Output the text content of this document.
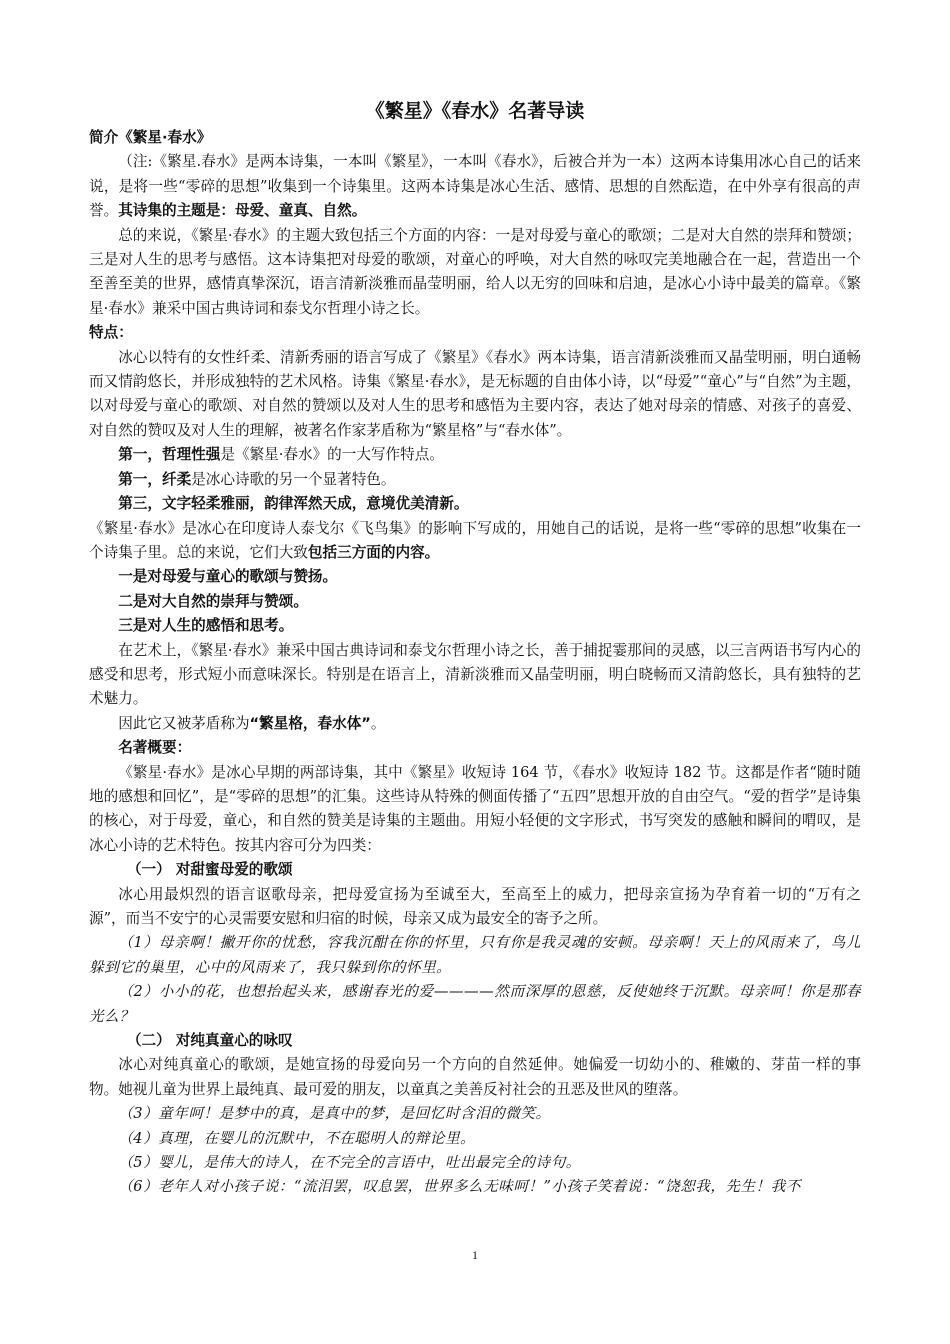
《繁星》《春水》名著导读

简介《繁星·春水》

（注:《繁星.春水》是两本诗集，一本叫《繁星》，一本叫《春水》，后被合并为一本）这两本诗集用冰心自己的话来说，是将一些“零碎的思想”收集到一个诗集里。这两本诗集是冰心生活、感情、思想的自然酝造，在中外享有很高的声誉。其诗集的主题是：母爱、童真、自然。

总的来说，《繁星·春水》的主题大致包括三个方面的内容：一是对母爱与童心的歌颂；二是对大自然的崇拜和赞颂；三是对人生的思考与感悟。这本诗集把对母爱的歌颂，对童心的呼唤，对大自然的咏叹完美地融合在一起，营造出一个至善至美的世界，感情真挚深沉，语言清新淡雅而晶莹明丽，给人以无穷的回味和启迪，是冰心小诗中最美的篇章。《繁星·春水》兼采中国古典诗词和泰戈尔哲理小诗之长。

特点：

冰心以特有的女性纤柔、清新秀丽的语言写成了《繁星》《春水》两本诗集，语言清新淡雅而又晶莹明丽，明白通畅而又情韵悠长，并形成独特的艺术风格。诗集《繁星·春水》，是无标题的自由体小诗，以“母爱”“童心”与“自然”为主题，以对母爱与童心的歌颂、对自然的赞颂以及对人生的思考和感悟为主要内容，表达了她对母亲的情感、对孩子的喜爱、对自然的赞叹及对人生的理解，被著名作家茅盾称为“繁星格”与“春水体”。

第一，哲理性强是《繁星·春水》的一大写作特点。

第一，纤柔是冰心诗歌的另一个显著特色。

第三，文字轻柔雅丽，韵律浑然天成，意境优美清新。

《繁星·春水》是冰心在印度诗人泰戈尔《飞鸟集》的影响下写成的，用她自己的话说，是将一些“零碎的思想”收集在一个诗集子里。总的来说，它们大致包括三方面的内容。

一是对母爱与童心的歌颂与赞扬。

二是对大自然的崇拜与赞颂。

三是对人生的感悟和思考。

在艺术上，《繁星·春水》兼采中国古典诗词和泰戈尔哲理小诗之长，善于捕捉霎那间的灵感，以三言两语书写内心的感受和思考，形式短小而意味深长。特别是在语言上，清新淡雅而又晶莹明丽，明白晓畅而又清韵悠长，具有独特的艺术魅力。

因此它又被茅盾称为“繁星格，春水体”。

名著概要：

《繁星·春水》是冰心早期的两部诗集，其中《繁星》收短诗 164 节，《春水》收短诗 182 节。这都是作者“随时随地的感想和回忆”，是“零碎的思想”的汇集。这些诗从特殊的侧面传播了“五四”思想开放的自由空气。“爱的哲学”是诗集的核心，对于母爱，童心，和自然的赞美是诗集的主题曲。用短小轻便的文字形式，书写突发的感触和瞬间的喟叹，是冰心小诗的艺术特色。按其内容可分为四类：

（一） 对甜蜜母爱的歌颂

冰心用最炽烈的语言讴歌母亲，把母爱宣扬为至诚至大，至高至上的威力，把母亲宣扬为孕育着一切的“万有之源”，而当不安宁的心灵需要安慰和归宿的时候，母亲又成为最安全的寄予之所。

（1）母亲啊！撇开你的忧愁，容我沉酣在你的怀里，只有你是我灵魂的安顿。母亲啊！天上的风雨来了，鸟儿躲到它的巢里，心中的风雨来了，我只躲到你的怀里。

（2）小小的花，也想抬起头来，感谢春光的爱————然而深厚的恩慈，反使她终于沉默。母亲呵！你是那春光么？

（二） 对纯真童心的咏叹

冰心对纯真童心的歌颂，是她宣扬的母爱向另一个方向的自然延伸。她偏爱一切幼小的、稚嫩的、芽苗一样的事物。她视儿童为世界上最纯真、最可爱的朋友，以童真之美善反衬社会的丑恶及世风的堕落。

（3）童年呵！是梦中的真，是真中的梦，是回忆时含泪的微笑。

（4）真理，在婴儿的沉默中，不在聪明人的辩论里。

（5）婴儿，是伟大的诗人，在不完全的言语中，吐出最完全的诗句。

（6）老年人对小孩子说：“流泪罢，叹息罢，世界多么无味呵！”小孩子笑着说：“饶恕我，先生！我不

1
